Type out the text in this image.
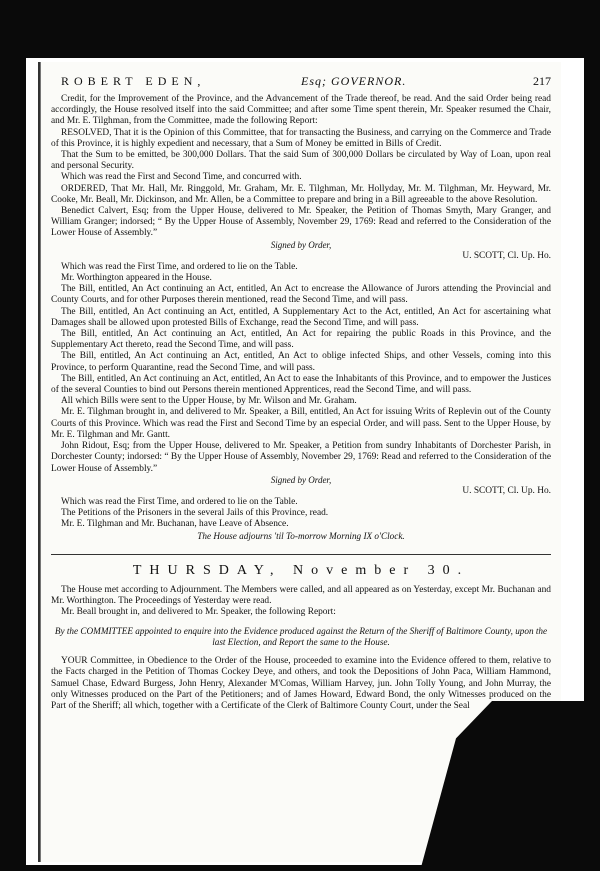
ROBERT EDEN,	Esq; GOVERNOR.	217

Credit, for the Improvement of the Province, and the Advancement of the Trade thereof, be read. And the said Order being read accordingly, the House resolved itself into the said Committee; and after some Time spent therein, Mr. Speaker resumed the Chair, and Mr. E. Tilghman, from the Committee, made the following Report:

RESOLVED, That it is the Opinion of this Committee, that for transacting the Business, and carrying on the Commerce and Trade of this Province, it is highly expedient and necessary, that a Sum of Money be emitted in Bills of Credit.

That the Sum to be emitted, be 300,000 Dollars. That the said Sum of 300,000 Dollars be circulated by Way of Loan, upon real and personal Security.

Which was read the First and Second Time, and concurred with.

ORDERED, That Mr. Hall, Mr. Ringgold, Mr. Graham, Mr. E. Tilghman, Mr. Hollyday, Mr. M. Tilghman, Mr. Heyward, Mr. Cooke, Mr. Beall, Mr. Dickinson, and Mr. Allen, be a Committee to prepare and bring in a Bill agreeable to the above Resolution.

Benedict Calvert, Esq; from the Upper House, delivered to Mr. Speaker, the Petition of Thomas Smyth, Mary Granger, and William Granger; indorsed; “ By the Upper House of Assembly, November 29, 1769: Read and referred to the Consideration of the Lower House of Assembly.”

Signed by Order,

U. SCOTT, Cl. Up. Ho.

Which was read the First Time, and ordered to lie on the Table.

Mr. Worthington appeared in the House.

The Bill, entitled, An Act continuing an Act, entitled, An Act to encrease the Allowance of Jurors attending the Provincial and County Courts, and for other Purposes therein mentioned, read the Second Time, and will pass.

The Bill, entitled, An Act continuing an Act, entitled, A Supplementary Act to the Act, entitled, An Act for ascertaining what Damages shall be allowed upon protested Bills of Exchange, read the Second Time, and will pass.

The Bill, entitled, An Act continuing an Act, entitled, An Act for repairing the public Roads in this Province, and the Supplementary Act thereto, read the Second Time, and will pass.

The Bill, entitled, An Act continuing an Act, entitled, An Act to oblige infected Ships, and other Vessels, coming into this Province, to perform Quarantine, read the Second Time, and will pass.

The Bill, entitled, An Act continuing an Act, entitled, An Act to ease the Inhabitants of this Province, and to empower the Justices of the several Counties to bind out Persons therein mentioned Apprentices, read the Second Time, and will pass.

All which Bills were sent to the Upper House, by Mr. Wilson and Mr. Graham.

Mr. E. Tilghman brought in, and delivered to Mr. Speaker, a Bill, entitled, An Act for issuing Writs of Replevin out of the County Courts of this Province. Which was read the First and Second Time by an especial Order, and will pass. Sent to the Upper House, by Mr. E. Tilghman and Mr. Gantt.

John Ridout, Esq; from the Upper House, delivered to Mr. Speaker, a Petition from sundry Inhabitants of Dorchester Parish, in Dorchester County; indorsed: “ By the Upper House of Assembly, November 29, 1769: Read and referred to the Consideration of the Lower House of Assembly.”

Signed by Order,

U. SCOTT, Cl. Up. Ho.

Which was read the First Time, and ordered to lie on the Table.

The Petitions of the Prisoners in the several Jails of this Province, read.

Mr. E. Tilghman and Mr. Buchanan, have Leave of Absence.

The House adjourns 'til To-morrow Morning IX o'Clock.

THURSDAY, November 30.

The House met according to Adjournment. The Members were called, and all appeared as on Yesterday, except Mr. Buchanan and Mr. Worthington. The Proceedings of Yesterday were read.

Mr. Beall brought in, and delivered to Mr. Speaker, the following Report:

By the COMMITTEE appointed to enquire into the Evidence produced against the Return of the Sheriff of Baltimore County, upon the last Election, and Report the same to the House.

YOUR Committee, in Obedience to the Order of the House, proceeded to examine into the Evidence offered to them, relative to the Facts charged in the Petition of Thomas Cockey Deye, and others, and took the Depositions of John Paca, William Hammond, Samuel Chase, Edward Burgess, John Henry, Alexander M'Comas, William Harvey, jun. John Tolly Young, and John Murray, the only Witnesses produced on the Part of the Petitioners; and of James Howard, Edward Bond, the only Witnesses produced on the Part of the Sheriff; all which, together with a Certificate of the Clerk of Baltimore County Court, under the Seal
